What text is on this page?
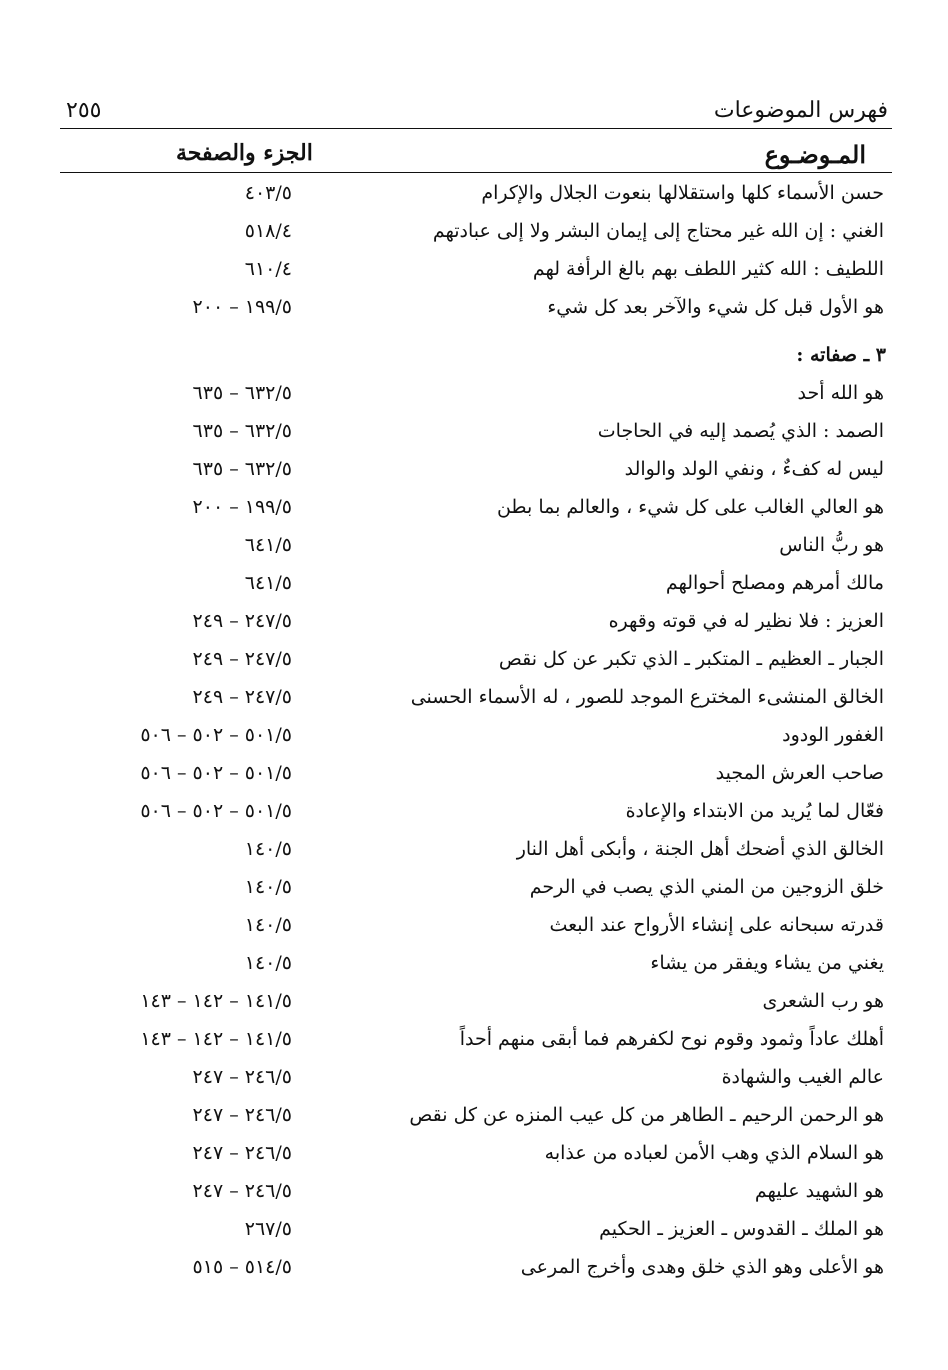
فهرس الموضوعات
٢٥٥
المـوضـوع
الجزء والصفحة
حسن الأسماء كلها واستقلالها بنعوت الجلال والإكرام
٤٠٣/٥
الغني : إن الله غير محتاج إلى إيمان البشر ولا إلى عبادتهم
٥١٨/٤
اللطيف : الله كثير اللطف بهم بالغ الرأفة لهم
٦١٠/٤
هو الأول قبل كل شيء والآخر بعد كل شيء
١٩٩/٥ – ٢٠٠
٣ ـ صفاته :
هو الله أحد
٦٣٢/٥ – ٦٣٥
الصمد : الذي يُصمد إليه في الحاجات
٦٣٢/٥ – ٦٣٥
ليس له كفءٌ ، ونفي الولد والوالد
٦٣٢/٥ – ٦٣٥
هو العالي الغالب على كل شيء ، والعالم بما بطن
١٩٩/٥ – ٢٠٠
هو ربُّ الناس
٦٤١/٥
مالك أمرهم ومصلح أحوالهم
٦٤١/٥
العزيز : فلا نظير له في قوته وقهره
٢٤٧/٥ – ٢٤٩
الجبار ـ العظيم ـ المتكبر ـ الذي تكبر عن كل نقص
٢٤٧/٥ – ٢٤٩
الخالق المنشىء المخترع الموجد للصور ، له الأسماء الحسنى
٢٤٧/٥ – ٢٤٩
الغفور الودود
٥٠١/٥ – ٥٠٢ – ٥٠٦
صاحب العرش المجيد
٥٠١/٥ – ٥٠٢ – ٥٠٦
فعّال لما يُريد من الابتداء والإعادة
٥٠١/٥ – ٥٠٢ – ٥٠٦
الخالق الذي أضحك أهل الجنة ، وأبكى أهل النار
١٤٠/٥
خلق الزوجين من المني الذي يصب في الرحم
١٤٠/٥
قدرته سبحانه على إنشاء الأرواح عند البعث
١٤٠/٥
يغني من يشاء ويفقر من يشاء
١٤٠/٥
هو رب الشعرى
١٤١/٥ – ١٤٢ – ١٤٣
أهلك عاداً وثمود وقوم نوح لكفرهم فما أبقى منهم أحداً
١٤١/٥ – ١٤٢ – ١٤٣
عالم الغيب والشهادة
٢٤٦/٥ – ٢٤٧
هو الرحمن الرحيم ـ الطاهر من كل عيب المنزه عن كل نقص
٢٤٦/٥ – ٢٤٧
هو السلام الذي وهب الأمن لعباده من عذابه
٢٤٦/٥ – ٢٤٧
هو الشهيد عليهم
٢٤٦/٥ – ٢٤٧
هو الملك ـ القدوس ـ العزيز ـ الحكيم
٢٦٧/٥
هو الأعلى وهو الذي خلق وهدى وأخرج المرعى
٥١٤/٥ – ٥١٥
